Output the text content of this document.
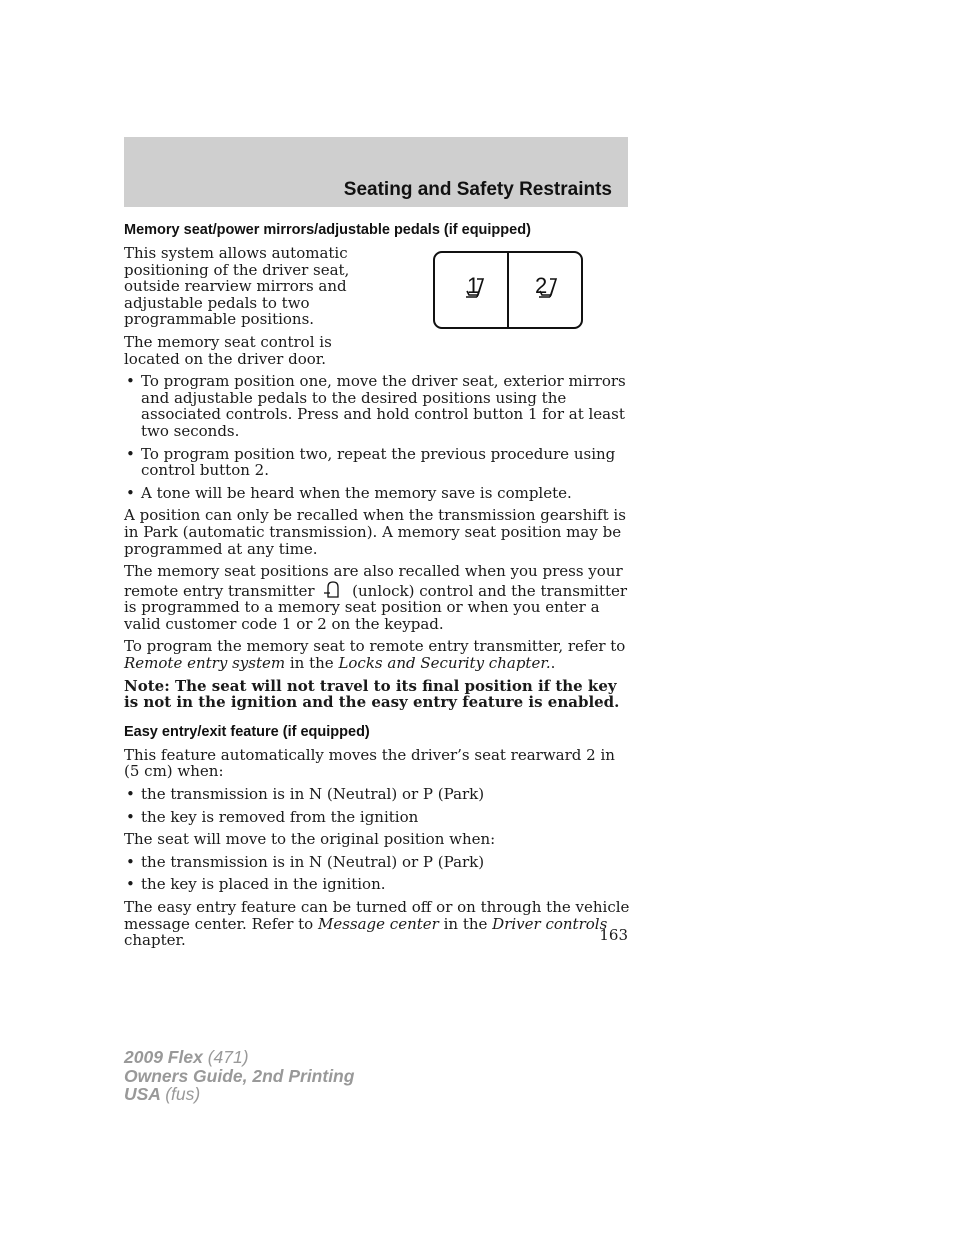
Seating and Safety Restraints
1	2
Memory seat/power mirrors/adjustable pedals (if equipped)

This system allows automatic positioning of the driver seat, outside rearview mirrors and adjustable pedals to two programmable positions.

The memory seat control is located on the driver door.

• To program position one, move the driver seat, exterior mirrors and adjustable pedals to the desired positions using the associated controls. Press and hold control button 1 for at least two seconds.
• To program position two, repeat the previous procedure using control button 2.
• A tone will be heard when the memory save is complete.

A position can only be recalled when the transmission gearshift is in Park (automatic transmission). A memory seat position may be programmed at any time.

The memory seat positions are also recalled when you press your remote entry transmitter	(unlock) control and the transmitter is programmed to a memory seat position or when you enter a valid customer code 1 or 2 on the keypad.

To program the memory seat to remote entry transmitter, refer to Remote entry system in the Locks and Security chapter..

Note: The seat will not travel to its final position if the key is not in the ignition and the easy entry feature is enabled.

Easy entry/exit feature (if equipped)

This feature automatically moves the driver’s seat rearward 2 in (5 cm) when:

• the transmission is in N (Neutral) or P (Park)
• the key is removed from the ignition

The seat will move to the original position when:

• the transmission is in N (Neutral) or P (Park)
• the key is placed in the ignition.

The easy entry feature can be turned off or on through the vehicle message center. Refer to Message center in the Driver controls chapter.	163
2009 Flex (471)
Owners Guide, 2nd Printing
USA (fus)
